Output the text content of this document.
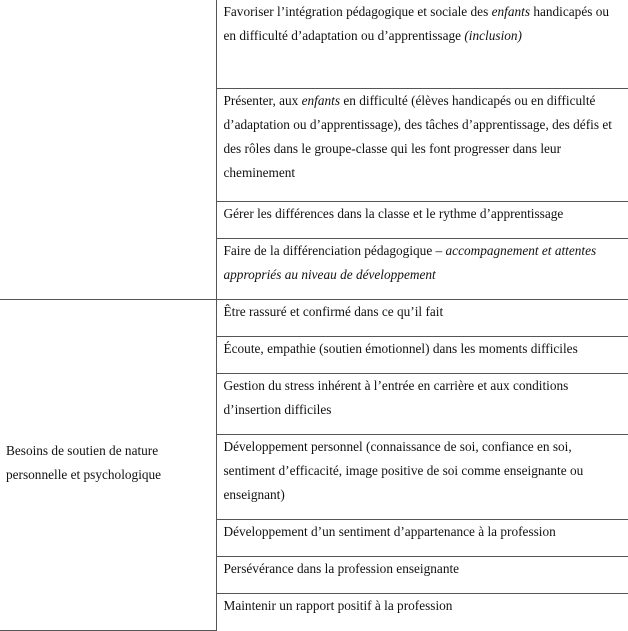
	Favoriser l’intégration pédagogique et sociale des enfants handicapés ou en difficulté d’adaptation ou d’apprentissage (inclusion)
	Présenter, aux enfants en difficulté (élèves handicapés ou en difficulté d’adaptation ou d’apprentissage), des tâches d’apprentissage, des défis et des rôles dans le groupe-classe qui les font progresser dans leur cheminement
	Gérer les différences dans la classe et le rythme d’apprentissage
	Faire de la différenciation pédagogique – accompagnement et attentes appropriés au niveau de développement
Besoins de soutien de nature personnelle et psychologique	Être rassuré et confirmé dans ce qu’il fait
	Écoute, empathie (soutien émotionnel) dans les moments difficiles
	Gestion du stress inhérent à l’entrée en carrière et aux conditions d’insertion difficiles
	Développement personnel (connaissance de soi, confiance en soi, sentiment d’efficacité, image positive de soi comme enseignante ou enseignant)
	Développement d’un sentiment d’appartenance à la profession
	Persévérance dans la profession enseignante
	Maintenir un rapport positif à la profession
